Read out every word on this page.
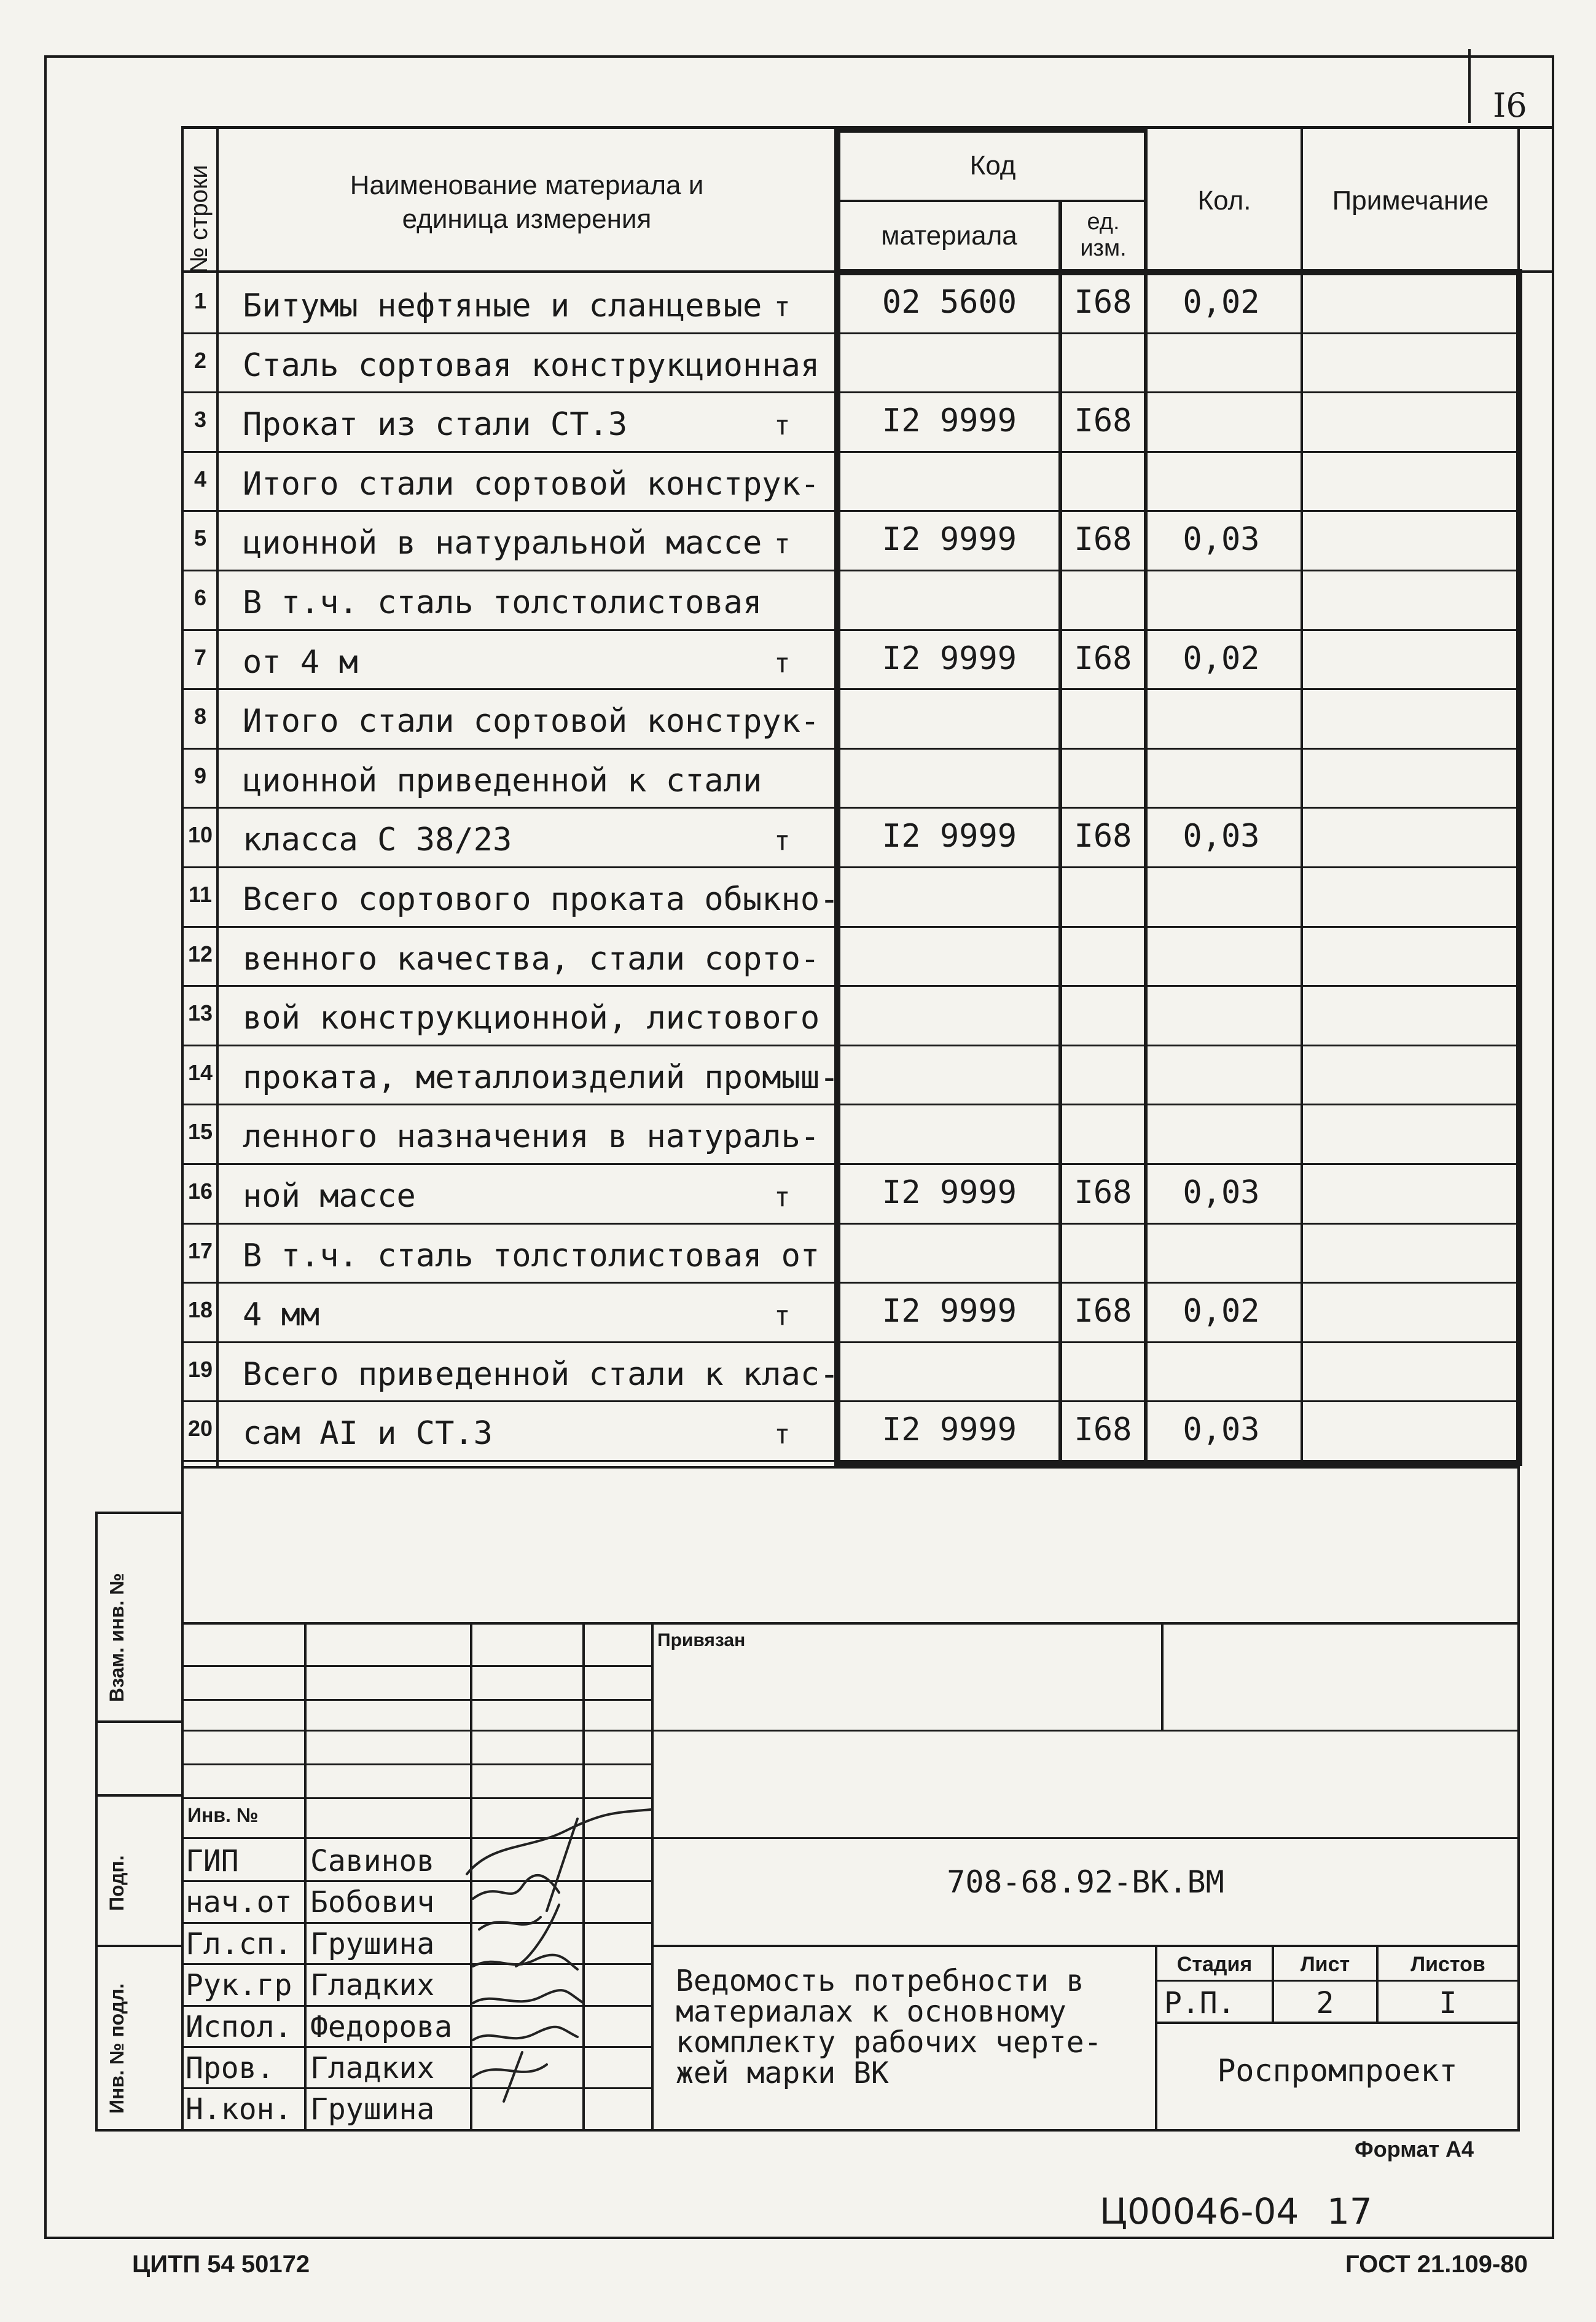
I6
№ строки	Наименование материала и
единица измерения
Код
материала	ед.
изм.
Кол.	Примечание
1	Битумы нефтяные и сланцевые т	02 5600	I68	0,02
2	Сталь сортовая конструкционная
3	Прокат из стали СТ.3	т	I2 9999	I68
4	Итого стали сортовой конструк-
5	ционной в натуральной массе т	I2 9999	I68	0,03
6	В т.ч. сталь толстолистовая
7	от 4 м	т	I2 9999	I68	0,02
8	Итого стали сортовой конструк-
9	ционной приведенной к стали
10 класса С 38/23	т	I2 9999	I68	0,03
11 Всего сортового проката обыкно-
12 венного качества, стали сорто-
13 вой конструкционной, листового
14 проката, металлоизделий промыш-
15 ленного назначения в натураль-
16 ной массе	т	I2 9999	I68	0,03
17 В т.ч. сталь толстолистовая от
18 4 мм	т	I2 9999	I68	0,02
19 Всего приведенной стали к клас-
20 сам АI и СТ.3	т	I2 9999	I68	0,03
Взам. инв. №
Подп.
Инв. № подл.
Привязан
Инв. №
ГИП Савинов
нач.от Бобович
Гл.сп. Грушина
Рук.гр Гладких
Испол. Федорова
Пров. Гладких
Н.кон. Грушина
708-68.92-ВК.ВМ
Стадия	Лист	Листов
Р.П.	2	I
Роспромпроект
Ведомость потребности в
материалах к основному
комплекту рабочих черте-
жей марки ВК
Формат А4
Ц00046-04 17
ЦИТП 54 50172	ГОСТ 21.109-80
